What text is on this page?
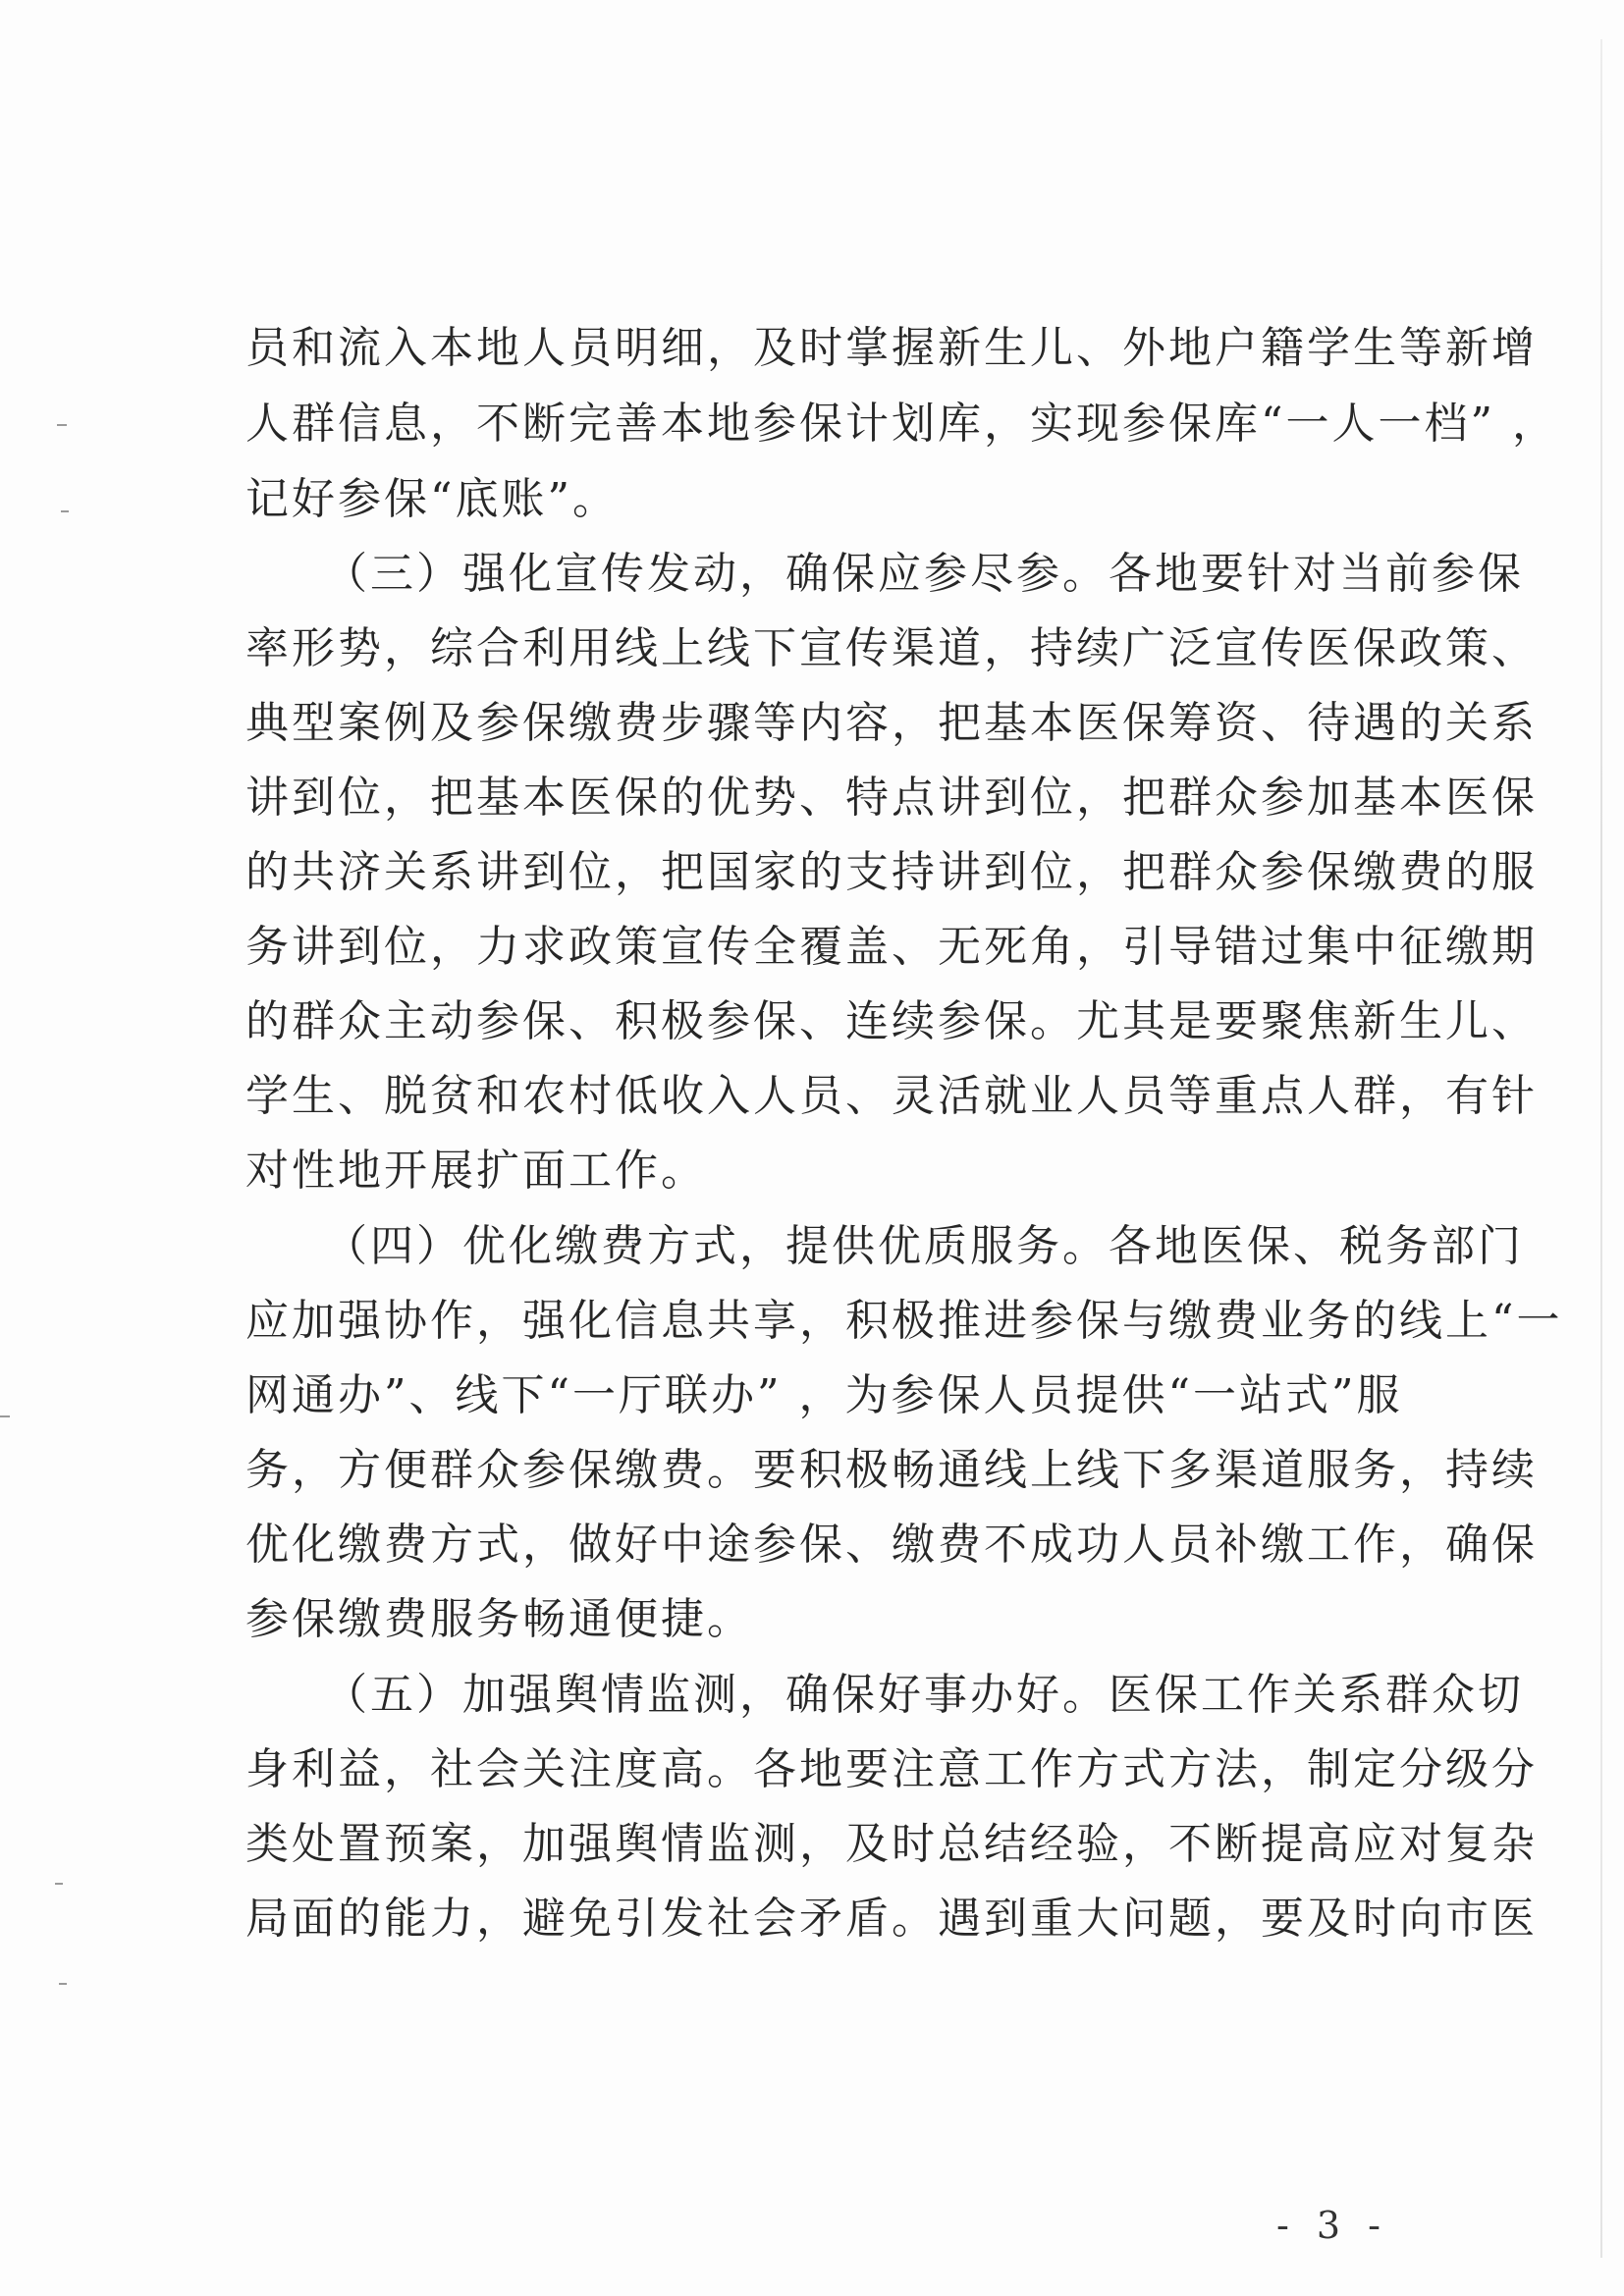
员和流入本地人员明细，及时掌握新生儿、外地户籍学生等新增

人群信息，不断完善本地参保计划库，实现参保库“一人一档” ，

记好参保“底账”。

（三）强化宣传发动，确保应参尽参。各地要针对当前参保

率形势，综合利用线上线下宣传渠道，持续广泛宣传医保政策、

典型案例及参保缴费步骤等内容，把基本医保筹资、待遇的关系

讲到位，把基本医保的优势、特点讲到位，把群众参加基本医保

的共济关系讲到位，把国家的支持讲到位，把群众参保缴费的服

务讲到位，力求政策宣传全覆盖、无死角，引导错过集中征缴期

的群众主动参保、积极参保、连续参保。尤其是要聚焦新生儿、

学生、脱贫和农村低收入人员、灵活就业人员等重点人群，有针

对性地开展扩面工作。

（四）优化缴费方式，提供优质服务。各地医保、税务部门

应加强协作，强化信息共享，积极推进参保与缴费业务的线上“一

网通办”、线下“一厅联办” ，为参保人员提供“一站式”服

务，方便群众参保缴费。要积极畅通线上线下多渠道服务，持续

优化缴费方式，做好中途参保、缴费不成功人员补缴工作，确保

参保缴费服务畅通便捷。

（五）加强舆情监测，确保好事办好。医保工作关系群众切

身利益，社会关注度高。各地要注意工作方式方法，制定分级分

类处置预案，加强舆情监测，及时总结经验，不断提高应对复杂

局面的能力，避免引发社会矛盾。遇到重大问题，要及时向市医

- 3 -
